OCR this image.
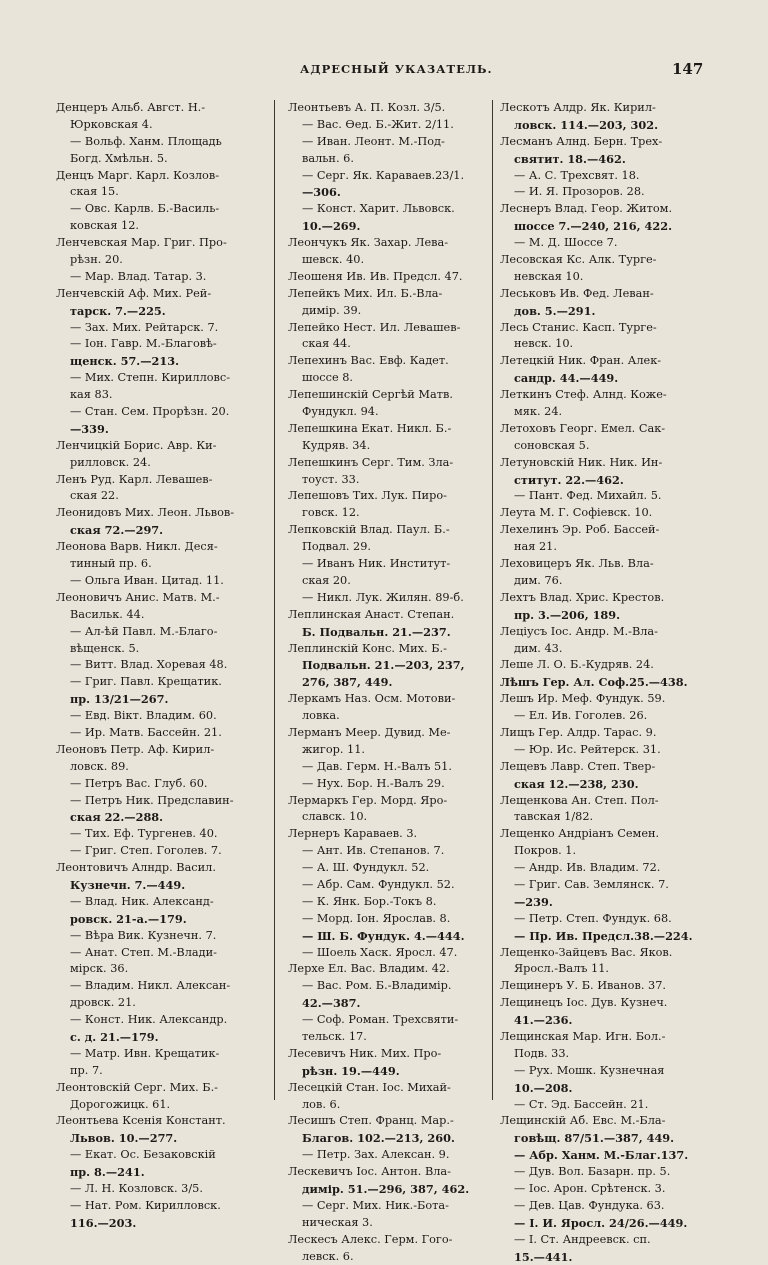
АДРЕСНЫЙ УКАЗАТЕЛЬ.	147
Денцеръ Альб. Авгст. Н.-
Юрковская 4.
— Вольф. Ханм. Площадь
Богд. Хмѣльн. 5.
Денцъ Марг. Карл. Козлов-
ская 15.
— Овс. Карлв. Б.-Василь-
ковская 12.
Ленчевская Мар. Григ. Про-
рѣзн. 20.
— Мар. Влад. Татар. 3.
Ленчевскій Аф. Мих. Рей-
тарск. 7.—225.
— Зах. Мих. Рейтарск. 7.
— Іон. Гавр. М.-Благовѣ-
щенск. 57.—213.
— Мих. Степн. Кирилловс-
кая 83.
— Стан. Сем. Прорѣзн. 20.
—339.
Ленчицкій Борис. Авр. Ки-
рилловск. 24.
Ленъ Руд. Карл. Левашев-
ская 22.
Леонидовъ Мих. Леон. Львов-
ская 72.—297.
Леонова Варв. Никл. Деся-
тинный пр. 6.
— Ольга Иван. Цитад. 11.
Леоновичъ Анис. Матв. М.-
Васильк. 44.
— Ал-ѣй Павл. М.-Благо-
вѣщенск. 5.
— Витт. Влад. Хоревая 48.
— Григ. Павл. Крещатик.
пр. 13/21—267.
— Евд. Вікт. Владим. 60.
— Ир. Матв. Бассейн. 21.
Леоновъ Петр. Аф. Кирил-
ловск. 89.
— Петръ Вас. Глуб. 60.
— Петръ Ник. Предславин-
ская 22.—288.
— Тих. Еф. Тургенев. 40.
— Григ. Степ. Гоголев. 7.
Леонтовичъ Алндр. Васил.
Кузнечн. 7.—449.
— Влад. Ник. Александ-
ровск. 21-а.—179.
— Вѣра Вик. Кузнечн. 7.
— Анат. Степ. М.-Влади-
мірск. 36.
— Владим. Никл. Алексан-
дровск. 21.
— Конст. Ник. Александр.
с. д. 21.—179.
— Матр. Ивн. Крещатик-
пр. 7.
Леонтовскій Серг. Мих. Б.-
Дорогожицк. 61.
Леонтьева Ксенія Констант.
Львов. 10.—277.
— Екат. Ос. Безаковскій
пр. 8.—241.
— Л. Н. Козловск. 3/5.
— Нат. Ром. Кирилловск.
116.—203.
Леонтьевъ А. П. Козл. 3/5.
— Вас. Ѳед. Б.-Жит. 2/11.
— Иван. Леонт. М.-Под-
вальн. 6.
— Серг. Як. Караваев.23/1.
—306.
— Конст. Харит. Львовск.
10.—269.
Леончукъ Як. Захар. Лева-
шевск. 40.
Леошеня Ив. Ив. Предсл. 47.
Лепейкъ Мих. Ил. Б.-Вла-
димір. 39.
Лепейко Нест. Ил. Левашев-
ская 44.
Лепехинъ Вас. Евф. Кадет.
шоссе 8.
Лепешинскій Сергѣй Матв.
Фундукл. 94.
Лепешкина Екат. Никл. Б.-
Кудряв. 34.
Лепешкинъ Серг. Тим. Зла-
тоуст. 33.
Лепешовъ Тих. Лук. Пиро-
говск. 12.
Лепковскій Влад. Паул. Б.-
Подвал. 29.
— Иванъ Ник. Институт-
ская 20.
— Никл. Лук. Жилян. 89-б.
Леплинская Анаст. Степан.
Б. Подвальн. 21.—237.
Леплинскій Конс. Мих. Б.-
Подвальн. 21.—203, 237,
276, 387, 449.
Леркамъ Наз. Осм. Мотови-
ловка.
Лерманъ Меер. Дувид. Ме-
жигор. 11.
— Дав. Герм. Н.-Валъ 51.
— Нух. Бор. Н.-Валъ 29.
Лермаркъ Гер. Морд. Яро-
славск. 10.
Лернеръ Караваев. 3.
— Ант. Ив. Степанов. 7.
— А. Ш. Фундукл. 52.
— Абр. Сам. Фундукл. 52.
— К. Янк. Бор.-Токъ 8.
— Морд. Іон. Ярослав. 8.
— Ш. Б. Фундук. 4.—444.
— Шоель Хаск. Яросл. 47.
Лерхе Ел. Вас. Владим. 42.
— Вас. Ром. Б.-Владиміp.
42.—387.
— Соф. Роман. Трехсвяти-
тельск. 17.
Лесевичъ Ник. Мих. Про-
рѣзн. 19.—449.
Лесецкій Стан. Іос. Михай-
лов. 6.
Лесишъ Степ. Франц. Мар.-
Благов. 102.—213, 260.
— Петр. Зах. Алексан. 9.
Лескевичъ Іос. Антон. Вла-
димір. 51.—296, 387, 462.
— Серг. Мих. Ник.-Бота-
ническая 3.
Лескесъ Алекс. Герм. Гого-
левск. 6.
Лескотъ Алдр. Як. Кирил-
ловск. 114.—203, 302.
Лесманъ Алнд. Берн. Трех-
святит. 18.—462.
— А. С. Трехсвят. 18.
— И. Я. Прозоров. 28.
Леснеръ Влад. Геор. Житом.
шоссе 7.—240, 216, 422.
— М. Д. Шоссе 7.
Лесовская Кс. Алк. Турге-
невская 10.
Леськовъ Ив. Фед. Леван-
дов. 5.—291.
Лесь Станис. Касп. Турге-
невск. 10.
Летецкій Ник. Фран. Алек-
сандр. 44.—449.
Леткинъ Стеф. Алнд. Коже-
мяк. 24.
Летоховъ Георг. Емел. Сак-
соновская 5.
Летуновскій Ник. Ник. Ин-
ститут. 22.—462.
— Пант. Фед. Михайл. 5.
Леута М. Г. Софіевск. 10.
Лехелинъ Эр. Роб. Бассей-
ная 21.
Леховицеръ Як. Льв. Вла-
дим. 76.
Лехтъ Влад. Хрис. Крестов.
пр. 3.—206, 189.
Леціусъ Іос. Андр. М.-Вла-
дим. 43.
Леше Л. О. Б.-Кудряв. 24.
Лѣшъ Гер. Ал. Соф.25.—438.
Лешъ Ир. Меф. Фундук. 59.
— Ел. Ив. Гоголев. 26.
Лищъ Гер. Алдр. Тарас. 9.
— Юр. Ис. Рейтерск. 31.
Лещевъ Лавр. Степ. Твер-
ская 12.—238, 230.
Лещенкова Ан. Степ. Пол-
тавская 1/82.
Лещенко Андріанъ Семен.
Покров. 1.
— Андр. Ив. Владим. 72.
— Григ. Сав. Землянск. 7.
—239.
— Петр. Степ. Фундук. 68.
— Пр. Ив. Предсл.38.—224.
Лещенко-Зайцевъ Вас. Яков.
Яросл.-Валъ 11.
Лещинеръ У. Б. Иванов. 37.
Лещинецъ Іос. Дув. Кузнеч.
41.—236.
Лещинская Мар. Игн. Бол.-
Подв. 33.
— Рух. Мошк. Кузнечная
10.—208.
— Ст. Эд. Бассейн. 21.
Лещинскій Аб. Евс. М.-Бла-
говѣщ. 87/51.—387, 449.
— Абр. Ханм. М.-Благ.137.
— Дув. Вол. Базарн. пр. 5.
— Іос. Арон. Срѣтенск. 3.
— Дев. Цав. Фундука. 63.
— I. И. Яросл. 24/26.—449.
— I. Ст. Андреевск. сп.
15.—441.
